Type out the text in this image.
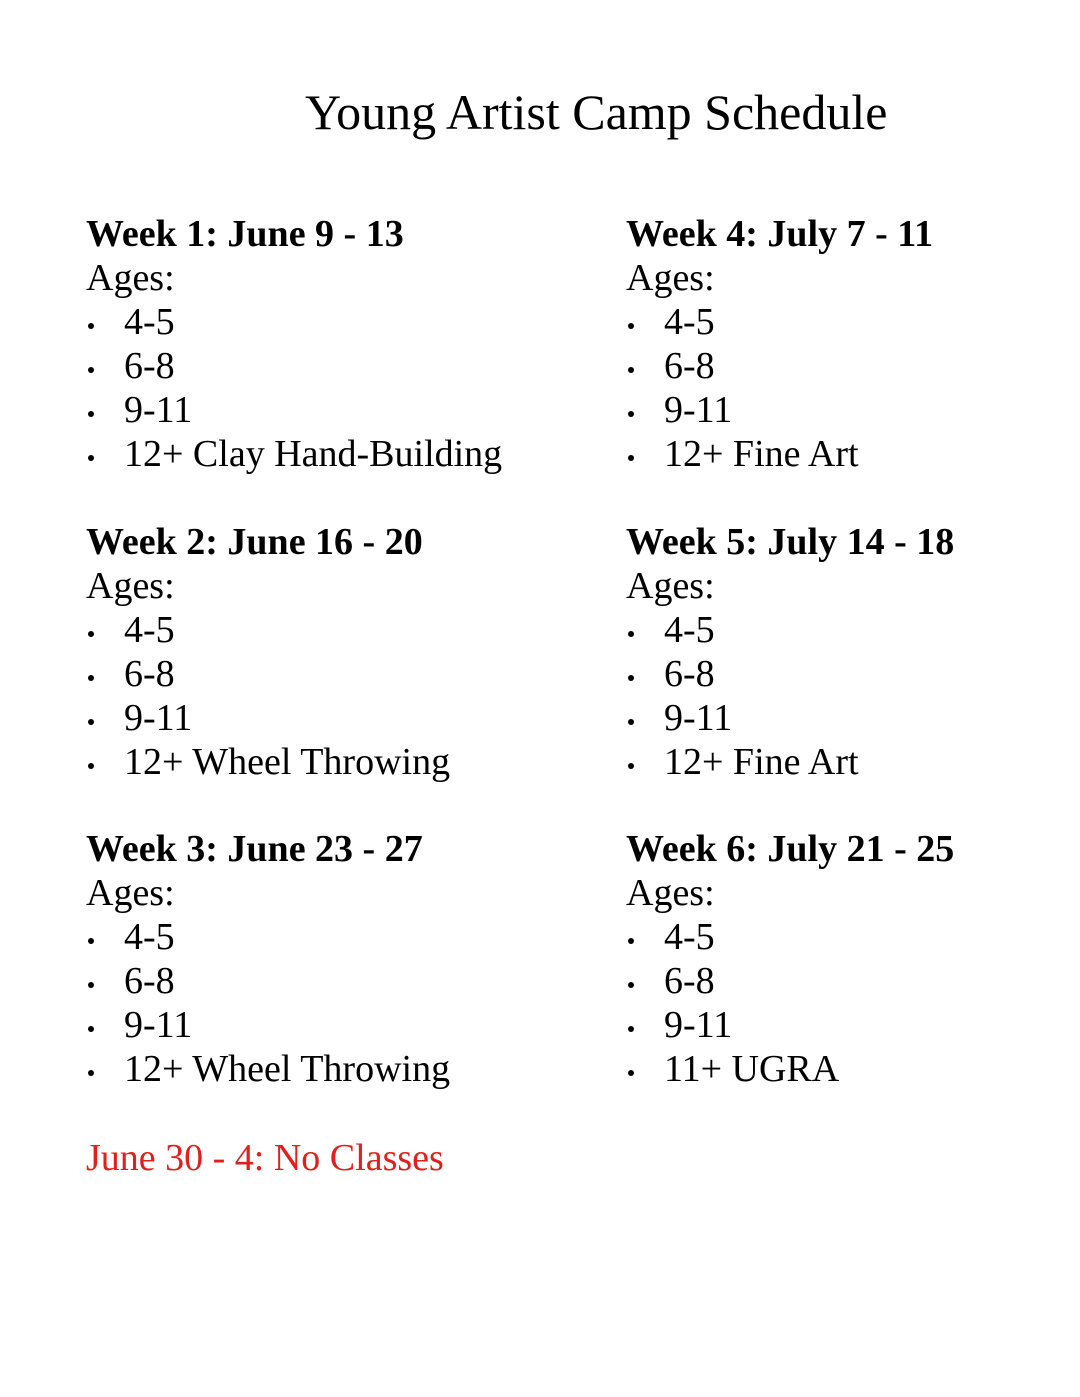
Young Artist Camp Schedule
Week 1: June 9 - 13
Ages:
4-5
6-8
9-11
12+ Clay Hand-Building
Week 2: June 16 - 20
Ages:
4-5
6-8
9-11
12+ Wheel Throwing
Week 3: June 23 - 27
Ages:
4-5
6-8
9-11
12+ Wheel Throwing
Week 4: July 7 - 11
Ages:
4-5
6-8
9-11
12+ Fine Art
Week 5: July 14 - 18
Ages:
4-5
6-8
9-11
12+ Fine Art
Week 6: July 21 - 25
Ages:
4-5
6-8
9-11
11+ UGRA
June 30 - 4: No Classes
